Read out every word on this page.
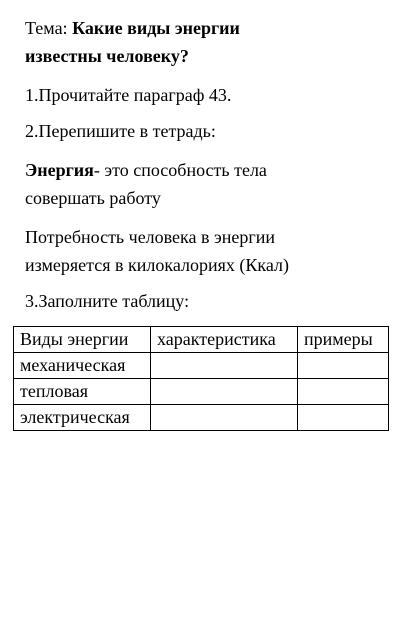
Тема: Какие виды энергии
известны человеку?
1.Прочитайте параграф 43.
2.Перепишите в тетрадь:
Энергия- это способность тела
совершать работу
Потребность человека в энергии
измеряется в килокалориях (Ккал)
3.Заполните таблицу:
Виды энергии	характеристика	примеры
механическая		
тепловая		
электрическая		
